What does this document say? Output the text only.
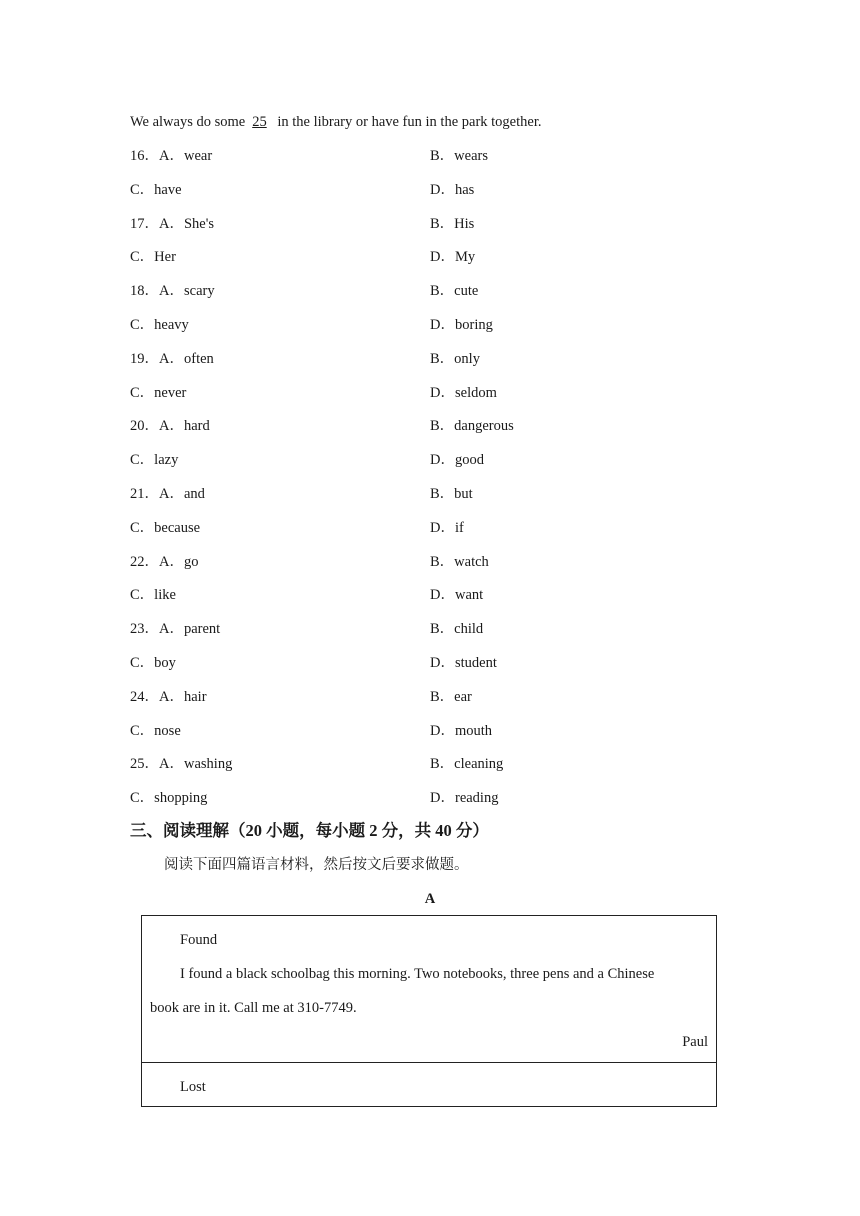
We always do some 25 in the library or have fun in the park together.
16．A．wear	B．wears
C．have	D．has
17．A．She's	B．His
C．Her	D．My
18．A．scary	B．cute
C．heavy	D．boring
19．A．often	B．only
C．never	D．seldom
20．A．hard	B．dangerous
C．lazy	D．good
21．A．and	B．but
C．because	D．if
22．A．go	B．watch
C．like	D．want
23．A．parent	B．child
C．boy	D．student
24．A．hair	B．ear
C．nose	D．mouth
25．A．washing	B．cleaning
C．shopping	D．reading
三、阅读理解（20 小题，每小题 2 分，共 40 分）
阅读下面四篇语言材料，然后按文后要求做题。
A
Found
I found a black schoolbag this morning. Two notebooks, three pens and a Chinese
book are in it. Call me at 310-7749.
Paul
Lost
